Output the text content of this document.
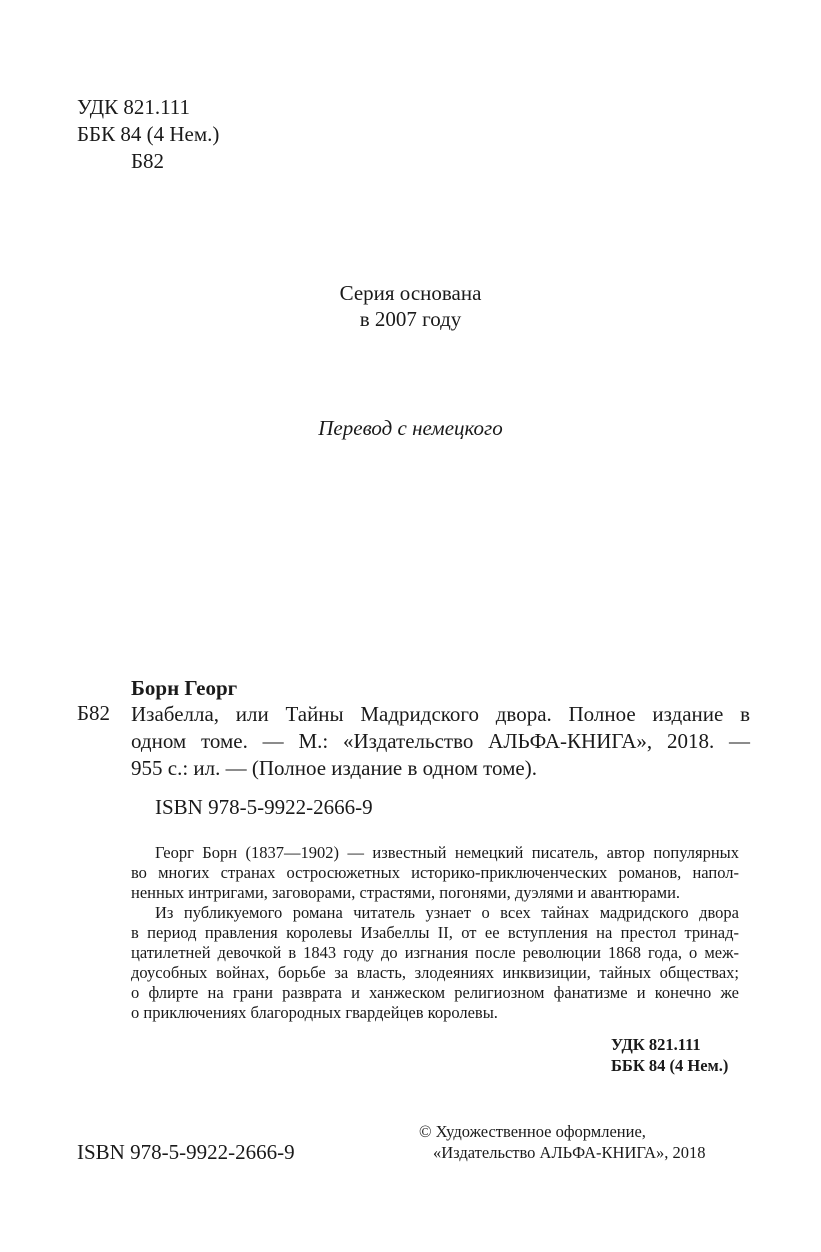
УДК 821.111
ББК 84 (4 Нем.)
Б82
Серия основана
в 2007 году
Перевод с немецкого
Борн Георг
Б82 Изабелла, или Тайны Мадридского двора. Полное издание в
одном томе. — М.: «Издательство АЛЬФА-КНИГА», 2018. —
955 с.: ил. — (Полное издание в одном томе).
ISBN 978-5-9922-2666-9
Георг Борн (1837—1902) — известный немецкий писатель, автор популярных
во многих странах остросюжетных историко-приключенческих романов, напол-
ненных интригами, заговорами, страстями, погонями, дуэлями и авантюрами.
Из публикуемого романа читатель узнает о всех тайнах мадридского двора
в период правления королевы Изабеллы II, от ее вступления на престол тринад-
цатилетней девочкой в 1843 году до изгнания после революции 1868 года, о меж-
доусобных войнах, борьбе за власть, злодеяниях инквизиции, тайных обществах;
о флирте на грани разврата и ханжеском религиозном фанатизме и конечно же
о приключениях благородных гвардейцев королевы.
УДК 821.111
ББК 84 (4 Нем.)
© Художественное оформление,
«Издательство АЛЬФА-КНИГА», 2018
ISBN 978-5-9922-2666-9
